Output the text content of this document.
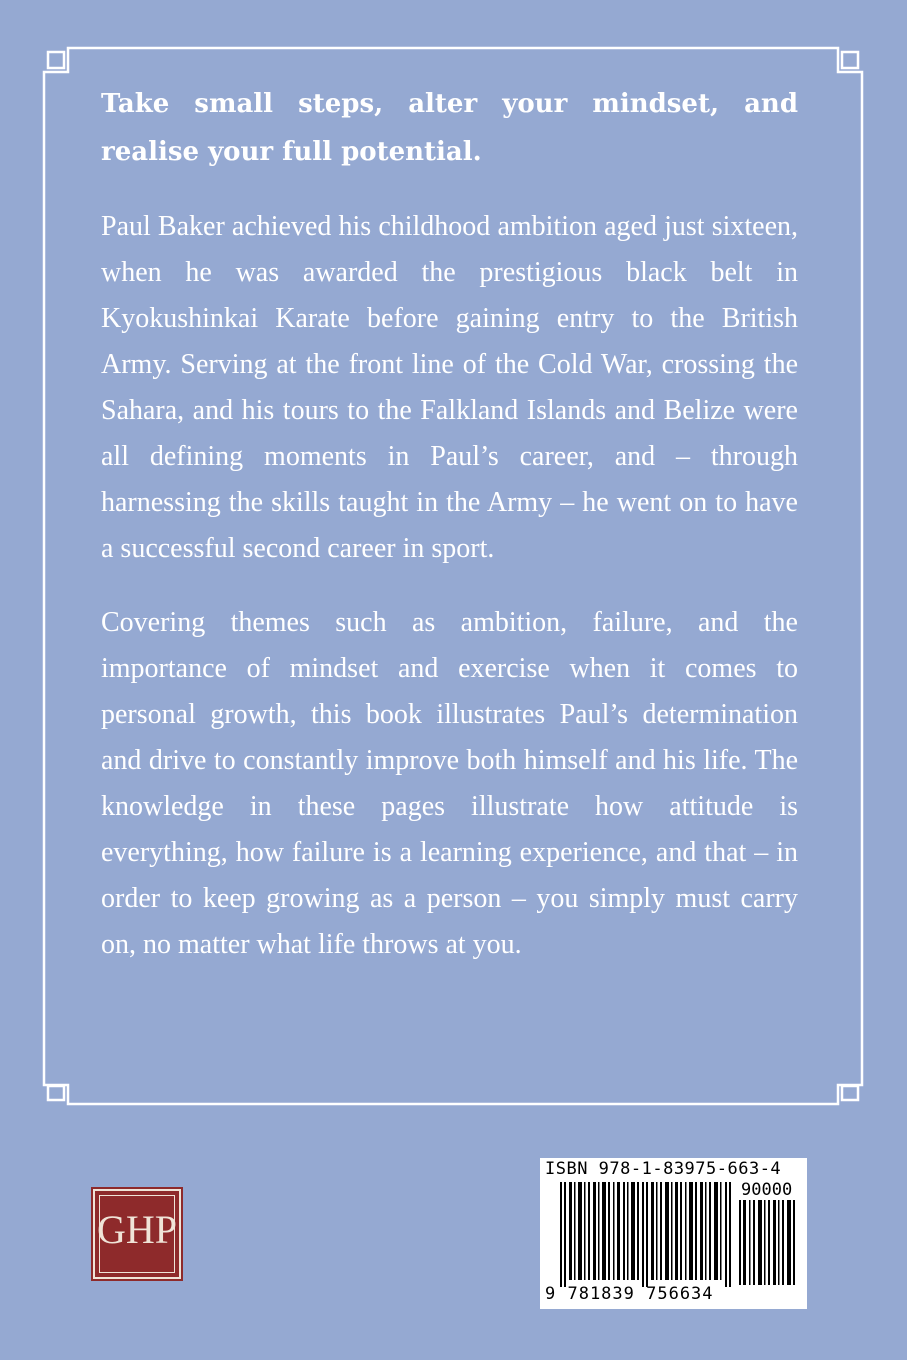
Take small steps, alter your mindset, and realise your full potential.

Paul Baker achieved his childhood ambition aged just sixteen, when he was awarded the prestigious black belt in Kyokushinkai Karate before gaining entry to the British Army. Serving at the front line of the Cold War, crossing the Sahara, and his tours to the Falkland Islands and Belize were all defining moments in Paul’s career, and – through harnessing the skills taught in the Army – he went on to have a successful second career in sport.

Covering themes such as ambition, failure, and the importance of mindset and exercise when it comes to personal growth, this book illustrates Paul’s determination and drive to constantly improve both himself and his life. The knowledge in these pages illustrate how attitude is everything, how failure is a learning experience, and that – in order to keep growing as a person – you simply must carry on, no matter what life throws at you.

GHP
ISBN 978-1-83975-663-4
90000
9 781839 756634
